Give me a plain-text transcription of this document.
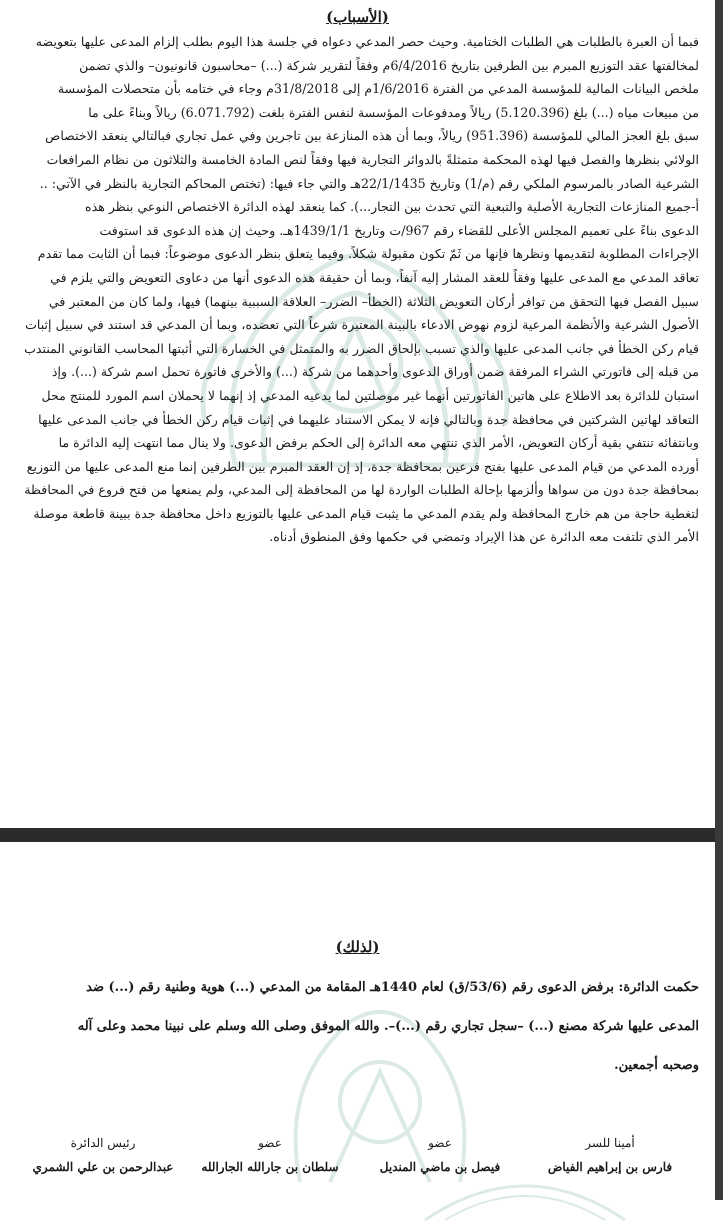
(الأسباب)

فبما أن العبرة بالطلبات هي الطلبات الختامية. وحيث حصر المدعي دعواه في جلسة هذا اليوم بطلب إلزام المدعى عليها بتعويضه

لمخالفتها عقد التوزيع المبرم بين الطرفين بتاريخ 6/4/2016م وفقاً لتقرير شركة (...) –محاسبون قانونيون– والذي تضمن

ملخص البيانات المالية للمؤسسة المدعي من الفترة 1/6/2016م إلى 31/8/2018م وجاء في ختامه بأن متحصلات المؤسسة

من مبيعات مياه (...) بلغ (5.120.396) ريالاً ومدفوعات المؤسسة لنفس الفترة بلغت (6.071.792) ريالاً وبناءً على ما

سبق بلغ العجز المالي للمؤسسة (951.396) ريالاً، وبما أن هذه المنازعة بين تاجرين وفي عمل تجاري فبالتالي ينعقد الاختصاص

الولائي بنظرها والفصل فيها لهذه المحكمة متمثلةً بالدوائر التجارية فيها وفقاً لنص المادة الخامسة والثلاثون من نظام المرافعات

الشرعية الصادر بالمرسوم الملكي رقم (م/1) وتاريخ 22/1/1435هـ والتي جاء فيها: (تختص المحاكم التجارية بالنظر في الآتي: ..

أ-جميع المنازعات التجارية الأصلية والتبعية التي تحدث بين التجار...). كما ينعقد لهذه الدائرة الاختصاص النوعي بنظر هذه

الدعوى بناءً على تعميم المجلس الأعلى للقضاء رقم 967/ت وتاريخ 1439/1/1هـ. وحيث إن هذه الدعوى قد استوفت

الإجراءات المطلوبة لتقديمها ونظرها فإنها من ثَمّ تكون مقبولة شكلاً. وفيما يتعلق بنظر الدعوى موضوعاً: فبما أن الثابت مما تقدم

تعاقد المدعي مع المدعى عليها وفقاً للعقد المشار إليه آنفاً، وبما أن حقيقة هذه الدعوى أنها من دعاوى التعويض والتي يلزم في

سبيل الفصل فيها التحقق من توافر أركان التعويض الثلاثة (الخطأ– الضرر– العلاقة السببية بينهما) فيها، ولما كان من المعتبر في

الأصول الشرعية والأنظمة المرعية لزوم نهوض الادعاء بالبينة المعتبرة شرعاً التي تعضده، وبما أن المدعي قد استند في سبيل إثبات

قيام ركن الخطأ في جانب المدعى عليها والذي تسبب بإلحاق الضرر به والمتمثل في الخسارة التي أثبتها المحاسب القانوني المنتدب

من قبله إلى فاتورتي الشراء المرفقة ضمن أوراق الدعوى وأحدهما من شركة (...) والأخرى فاتورة تحمل اسم شركة (...). وإذ

استبان للدائرة بعد الاطلاع على هاتين الفاتورتين أنهما غير موصلتين لما يدعيه المدعي إذ إنهما لا يحملان اسم المورد للمنتج محل

التعاقد لهاتين الشركتين في محافظة جدة وبالتالي فإنه لا يمكن الاستناد عليهما في إثبات قيام ركن الخطأ في جانب المدعى عليها

وبانتفائه تنتفي بقية أركان التعويض، الأمر الذي تنتهي معه الدائرة إلى الحكم برفض الدعوى. ولا ينال مما انتهت إليه الدائرة ما

أورده المدعي من قيام المدعى عليها بفتح فرعين بمحافظة جدة، إذ إن العقد المبرم بين الطرفين إنما منع المدعى عليها من التوزيع

بمحافظة جدة دون من سواها وألزمها بإحالة الطلبات الواردة لها من المحافظة إلى المدعي، ولم يمنعها من فتح فروع في المحافظة

لتغطية حاجة من هم خارج المحافظة ولم يقدم المدعي ما يثبت قيام المدعى عليها بالتوزيع داخل محافظة جدة ببينة قاطعة موصلة

الأمر الذي تلتفت معه الدائرة عن هذا الإيراد وتمضي في حكمها وفق المنطوق أدناه.

(لذلك)

حكمت الدائرة: برفض الدعوى رقم (53/6/ق) لعام 1440هـ المقامة من المدعي (...) هوية وطنية رقم (...) ضد

المدعى عليها شركة مصنع (...) –سجل تجاري رقم (...)–. والله الموفق وصلى الله وسلم على نبينا محمد وعلى آله

وصحبه أجمعين.

رئيس الدائرة
عبدالرحمن بن علي الشمري
عضو
سلطان بن جارالله الجارالله
عضو
فيصل بن ماضي المنديل
أمينا للسر
فارس بن إبراهيم الفياض
